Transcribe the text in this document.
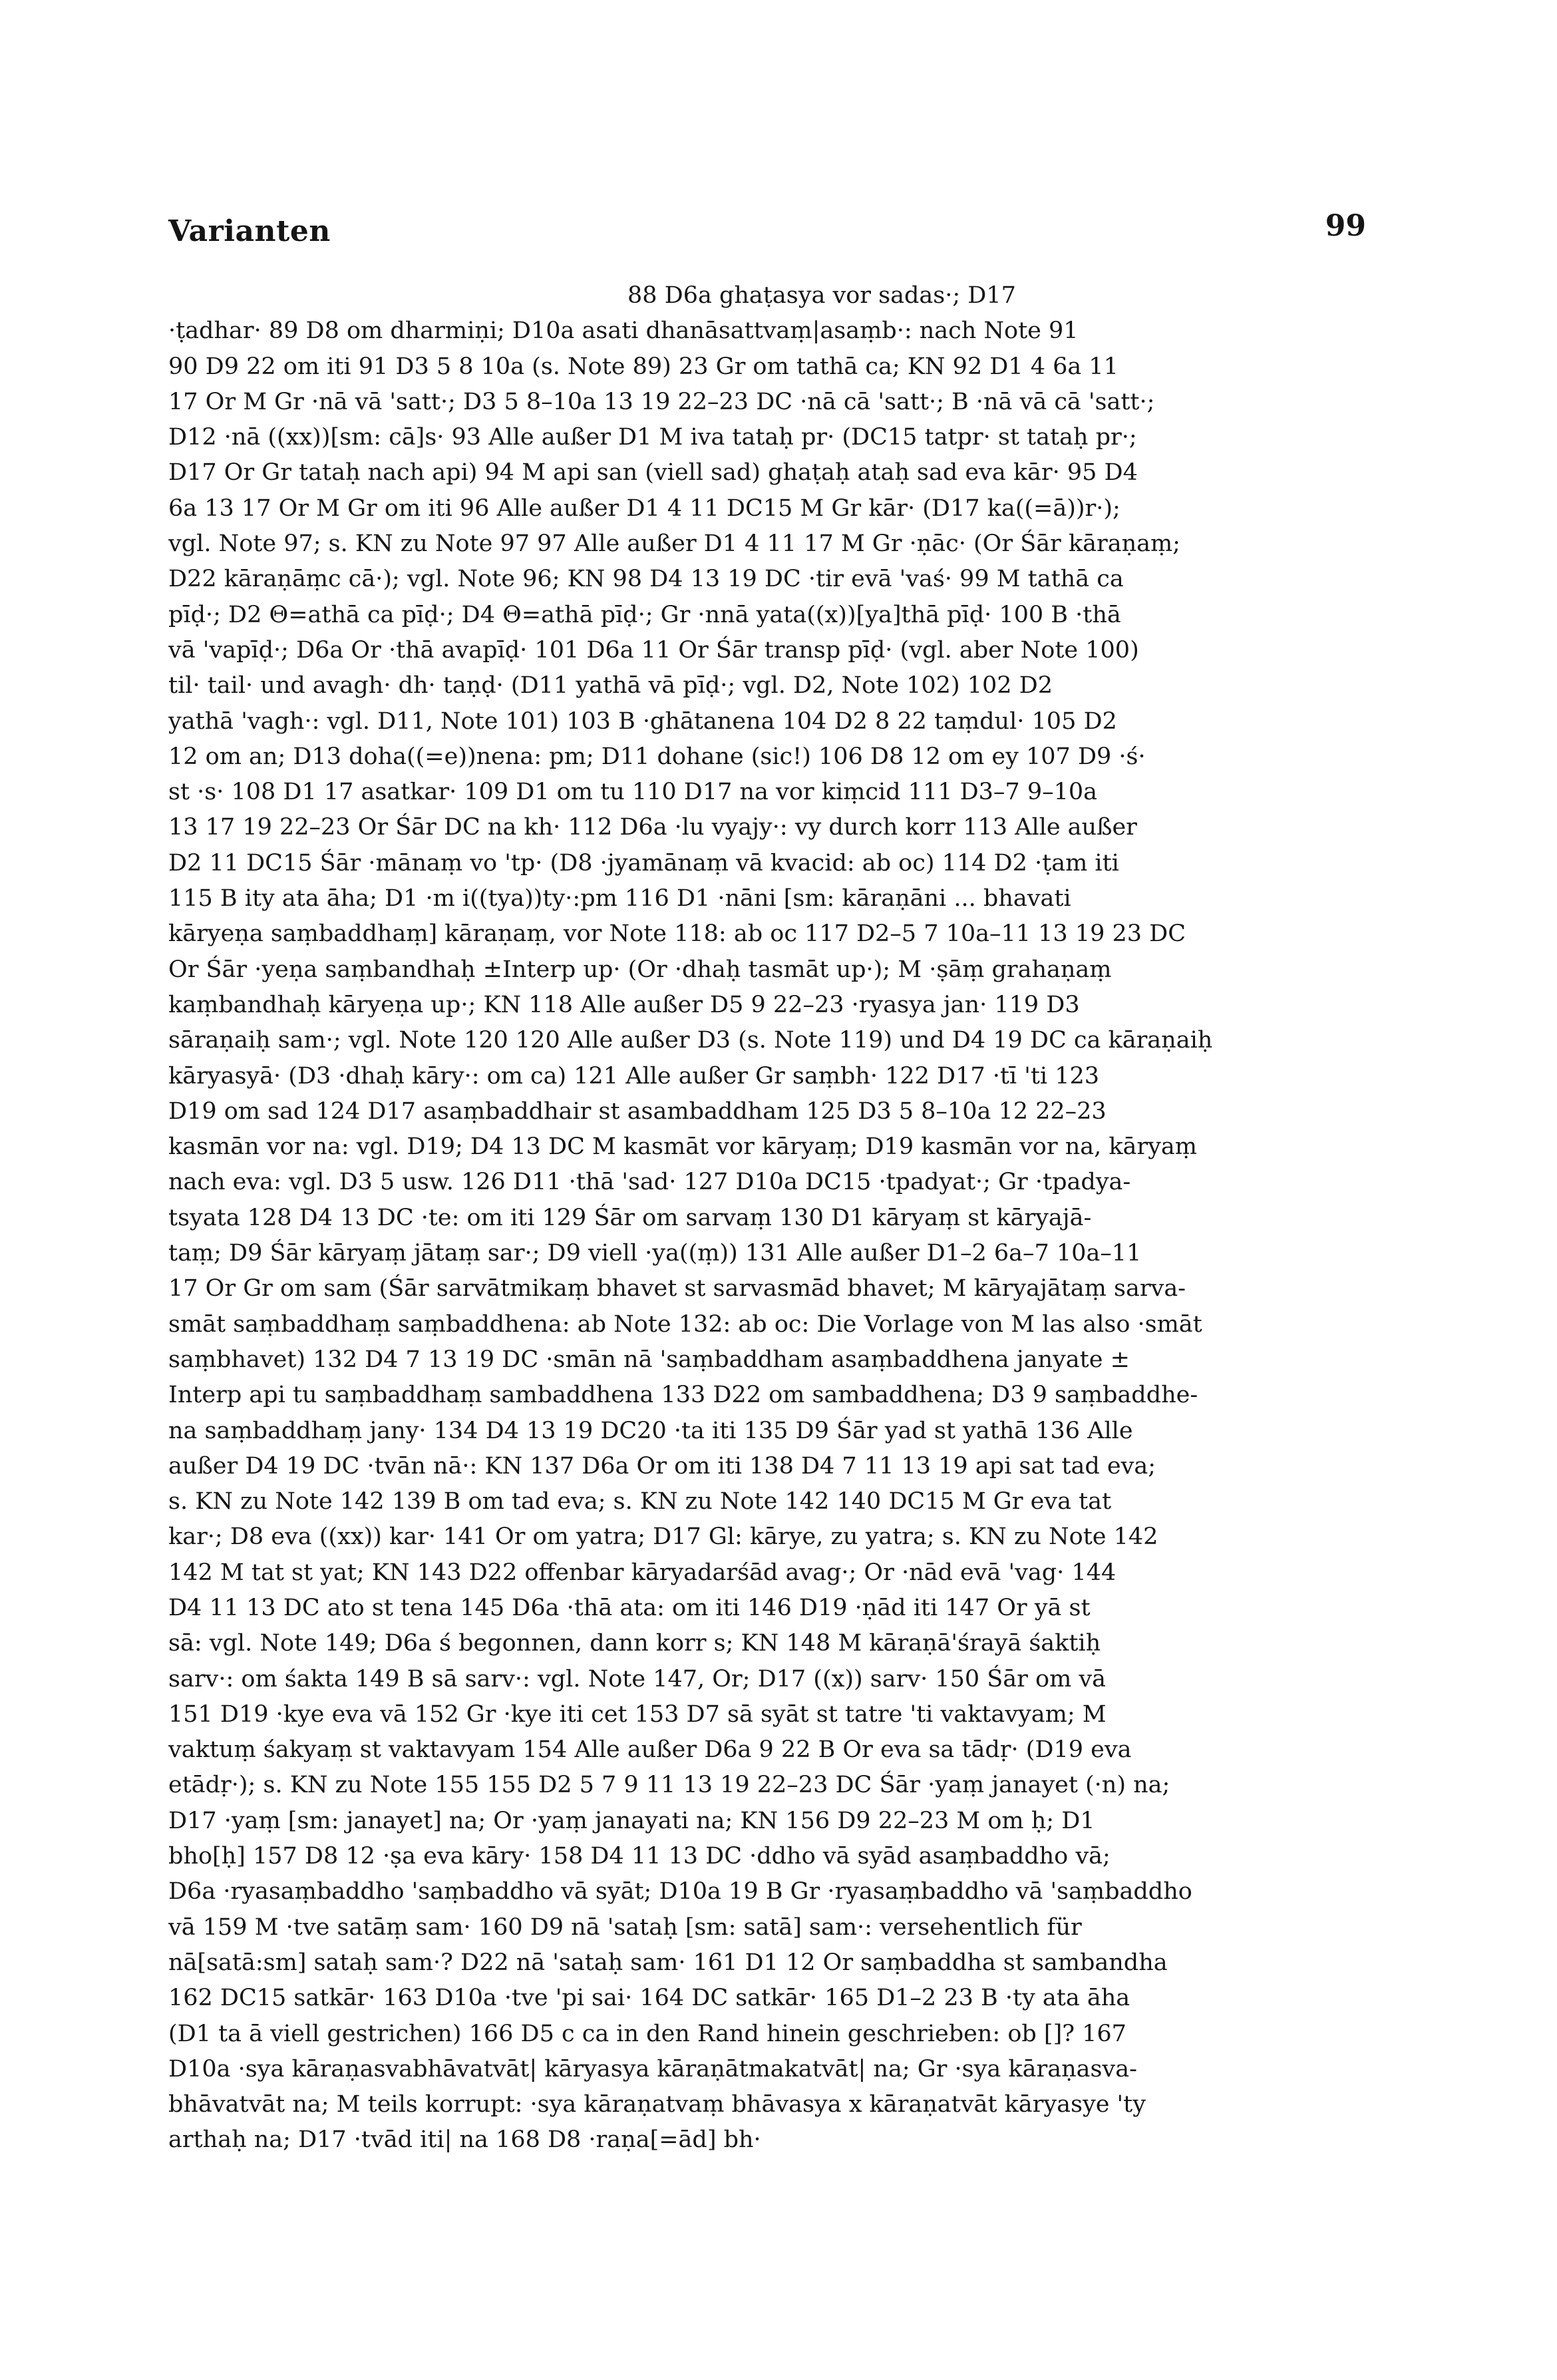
Varianten	99
88 D6a ghaṭasya vor sadas·; D17
·ṭadhar· 89 D8 om dharmiṇi; D10a asati dhanāsattvaṃ|asaṃb·: nach Note 91
90 D9 22 om iti 91 D3 5 8 10a (s. Note 89) 23 Gr om tathā ca; KN 92 D1 4 6a 11
17 Or M Gr ·nā vā 'satt·; D3 5 8–10a 13 19 22–23 DC ·nā cā 'satt·; B ·nā vā cā 'satt·;
D12 ·nā ((xx))[sm: cā]s· 93 Alle außer D1 M iva tataḥ pr· (DC15 tatpr· st tataḥ pr·;
D17 Or Gr tataḥ nach api) 94 M api san (viell sad) ghaṭaḥ ataḥ sad eva kār· 95 D4
6a 13 17 Or M Gr om iti 96 Alle außer D1 4 11 DC15 M Gr kār· (D17 ka((=ā))r·);
vgl. Note 97; s. KN zu Note 97 97 Alle außer D1 4 11 17 M Gr ·ṇāc· (Or Śār kāraṇaṃ;
D22 kāraṇāṃc cā·); vgl. Note 96; KN 98 D4 13 19 DC ·tir evā 'vaś· 99 M tathā ca
pīḍ·; D2 Θ=athā ca pīḍ·; D4 Θ=athā pīḍ·; Gr ·nnā yata((x))[ya]thā pīḍ· 100 B ·thā
vā 'vapīḍ·; D6a Or ·thā avapīḍ· 101 D6a 11 Or Śār transp pīḍ· (vgl. aber Note 100)
til· tail· und avagh· dh· taṇḍ· (D11 yathā vā pīḍ·; vgl. D2, Note 102) 102 D2
yathā 'vagh·: vgl. D11, Note 101) 103 B ·ghātanena 104 D2 8 22 taṃdul· 105 D2
12 om an; D13 doha((=e))nena: pm; D11 dohane (sic!) 106 D8 12 om ey 107 D9 ·ś·
st ·s· 108 D1 17 asatkar· 109 D1 om tu 110 D17 na vor kiṃcid 111 D3–7 9–10a
13 17 19 22–23 Or Śār DC na kh· 112 D6a ·lu vyajy·: vy durch korr 113 Alle außer
D2 11 DC15 Śār ·mānaṃ vo 'tp· (D8 ·jyamānaṃ vā kvacid: ab oc) 114 D2 ·ṭam iti
115 B ity ata āha; D1 ·m i((tya))ty·:pm 116 D1 ·nāni [sm: kāraṇāni ... bhavati
kāryeṇa saṃbaddhaṃ] kāraṇaṃ, vor Note 118: ab oc 117 D2–5 7 10a–11 13 19 23 DC
Or Śār ·yeṇa saṃbandhaḥ ±Interp up· (Or ·dhaḥ tasmāt up·); M ·ṣāṃ grahaṇaṃ
kaṃbandhaḥ kāryeṇa up·; KN 118 Alle außer D5 9 22–23 ·ryasya jan· 119 D3
sāraṇaiḥ sam·; vgl. Note 120 120 Alle außer D3 (s. Note 119) und D4 19 DC ca kāraṇaiḥ
kāryasyā· (D3 ·dhaḥ kāry·: om ca) 121 Alle außer Gr saṃbh· 122 D17 ·tī 'ti 123
D19 om sad 124 D17 asaṃbaddhair st asambaddham 125 D3 5 8–10a 12 22–23
kasmān vor na: vgl. D19; D4 13 DC M kasmāt vor kāryaṃ; D19 kasmān vor na, kāryaṃ
nach eva: vgl. D3 5 usw. 126 D11 ·thā 'sad· 127 D10a DC15 ·tpadyat·; Gr ·tpadya-
tsyata 128 D4 13 DC ·te: om iti 129 Śār om sarvaṃ 130 D1 kāryaṃ st kāryajā-
taṃ; D9 Śār kāryaṃ jātaṃ sar·; D9 viell ·ya((ṃ)) 131 Alle außer D1–2 6a–7 10a–11
17 Or Gr om sam (Śār sarvātmikaṃ bhavet st sarvasmād bhavet; M kāryajātaṃ sarva-
smāt saṃbaddhaṃ saṃbaddhena: ab Note 132: ab oc: Die Vorlage von M las also ·smāt
saṃbhavet) 132 D4 7 13 19 DC ·smān nā 'saṃbaddham asaṃbaddhena janyate ±
Interp api tu saṃbaddhaṃ sambaddhena 133 D22 om sambaddhena; D3 9 saṃbaddhe-
na saṃbaddhaṃ jany· 134 D4 13 19 DC20 ·ta iti 135 D9 Śār yad st yathā 136 Alle
außer D4 19 DC ·tvān nā·: KN 137 D6a Or om iti 138 D4 7 11 13 19 api sat tad eva;
s. KN zu Note 142 139 B om tad eva; s. KN zu Note 142 140 DC15 M Gr eva tat
kar·; D8 eva ((xx)) kar· 141 Or om yatra; D17 Gl: kārye, zu yatra; s. KN zu Note 142
142 M tat st yat; KN 143 D22 offenbar kāryadarśād avag·; Or ·nād evā 'vag· 144
D4 11 13 DC ato st tena 145 D6a ·thā ata: om iti 146 D19 ·ṇād iti 147 Or yā st
sā: vgl. Note 149; D6a ś begonnen, dann korr s; KN 148 M kāraṇā'śrayā śaktiḥ
sarv·: om śakta 149 B sā sarv·: vgl. Note 147, Or; D17 ((x)) sarv· 150 Śār om vā
151 D19 ·kye eva vā 152 Gr ·kye iti cet 153 D7 sā syāt st tatre 'ti vaktavyam; M
vaktuṃ śakyaṃ st vaktavyam 154 Alle außer D6a 9 22 B Or eva sa tādṛ· (D19 eva
etādṛ·); s. KN zu Note 155 155 D2 5 7 9 11 13 19 22–23 DC Śār ·yaṃ janayet (·n) na;
D17 ·yaṃ [sm: janayet] na; Or ·yaṃ janayati na; KN 156 D9 22–23 M om ḥ; D1
bho[ḥ] 157 D8 12 ·ṣa eva kāry· 158 D4 11 13 DC ·ddho vā syād asaṃbaddho vā;
D6a ·ryasaṃbaddho 'saṃbaddho vā syāt; D10a 19 B Gr ·ryasaṃbaddho vā 'saṃbaddho
vā 159 M ·tve satāṃ sam· 160 D9 nā 'sataḥ [sm: satā] sam·: versehentlich für
nā[satā:sm] sataḥ sam·? D22 nā 'sataḥ sam· 161 D1 12 Or saṃbaddha st sambandha
162 DC15 satkār· 163 D10a ·tve 'pi sai· 164 DC satkār· 165 D1–2 23 B ·ty ata āha
(D1 ta ā viell gestrichen) 166 D5 c ca in den Rand hinein geschrieben: ob []? 167
D10a ·sya kāraṇasvabhāvatvāt| kāryasya kāraṇātmakatvāt| na; Gr ·sya kāraṇasva-
bhāvatvāt na; M teils korrupt: ·sya kāraṇatvaṃ bhāvasya x kāraṇatvāt kāryasye 'ty
arthaḥ na; D17 ·tvād iti| na 168 D8 ·raṇa[=ād] bh·
